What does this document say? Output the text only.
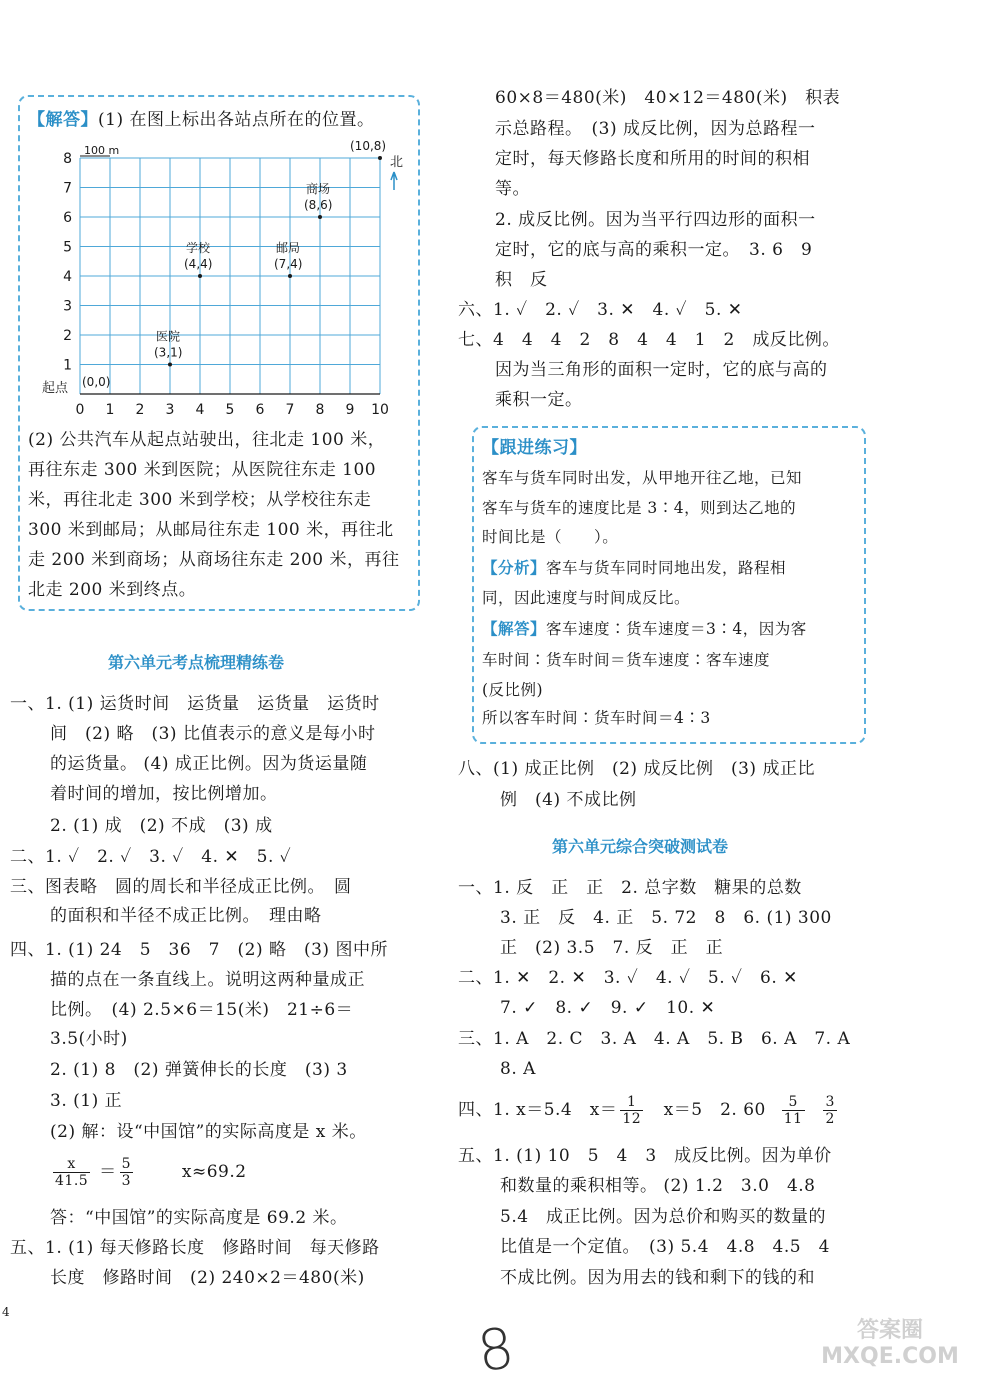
【解答】(1) 在图上标出各站点所在的位置。
0 1 2 3 4 5 6 7 8 9 10
1
2
3
4
5
6
7
8
100 m
北
起点 (0,0)
医院
(3,1)
学校
(4,4)
邮局
(7,4)
商场
(8,6)
(10,8)
(2) 公共汽车从起点站驶出，往北走 100 米，
再往东走 300 米到医院；从医院往东走 100
米，再往北走 300 米到学校；从学校往东走
300 米到邮局；从邮局往东走 100 米，再往北
走 200 米到商场；从商场往东走 200 米，再往
北走 200 米到终点。
第六单元考点梳理精练卷
一、1. (1) 运货时间　运货量　运货量　运货时
间　(2) 略　(3) 比值表示的意义是每小时
的运货量。 (4) 成正比例。因为货运量随
着时间的增加，按比例增加。
2. (1) 成　(2) 不成　(3) 成
二、1. ✓　2. ✓　3. ✓　4. ✕　5. ✓
三、图表略　圆的周长和半径成正比例。　圆
的面积和半径不成正比例。　理由略
四、1. (1) 24　5　36　7　(2) 略　(3) 图中所
描的点在一条直线上。说明这两种量成正
比例。　(4) 2.5×6＝15(米)　21÷6＝
3.5(小时)
2. (1) 8　(2) 弹簧伸长的长度　(3) 3
3. (1) 正
(2) 解：设“中国馆”的实际高度是 x 米。
$\frac{x}{41.5} = \frac{5}{3}$	x≈69.2
答：“中国馆”的实际高度是 69.2 米。
五、1. (1) 每天修路长度　修路时间　每天修路
长度　修路时间　(2) 240×2＝480(米)
4
60×8＝480(米)　40×12＝480(米)　积表
示总路程。　(3) 成反比例，因为总路程一
定时，每天修路长度和所用的时间的积相
等。
2. 成反比例。因为当平行四边形的面积一
定时，它的底与高的乘积一定。　3. 6　9
积　反
六、1. ✓　2. ✓　3. ✕　4. ✓　5. ✕
七、4　4　4　2　8　4　4　1　2　成反比例。
因为当三角形的面积一定时，它的底与高的
乘积一定。
【跟进练习】
客车与货车同时出发，从甲地开往乙地，已知
客车与货车的速度比是 3∶4，则到达乙地的
时间比是（　　）。
【分析】客车与货车同时同地出发，路程相
同，因此速度与时间成反比。
【解答】客车速度∶货车速度＝3∶4，因为客
车时间∶货车时间＝货车速度∶客车速度
(反比例)
所以客车时间∶货车时间＝4∶3
八、(1) 成正比例　(2) 成反比例　(3) 成正比
例　(4) 不成比例
第六单元综合突破测试卷
一、1. 反　正　正　2. 总字数　糖果的总数
3. 正　反　4. 正　5. 72　8　6. (1) 300
正　(2) 3.5　7. 反　正　正
二、1. ✕　2. ✕　3. ✓　4. ✓　5. ✓　6. ✕
7. ✓　8. ✓　9. ✓　10. ✕
三、1. A　2. C　3. A　4. A　5. B　6. A　7. A
8. A
四、1. x＝5.4　$x= \frac{1}{12}$ 　x＝5　2. $60 \frac{5}{11}$
$\frac{3}{2}$
五、1. (1) 10　5　4　3　成反比例。因为单价
和数量的乘积相等。 (2) 1.2　3.0　4.8
5.4　成正比例。因为总价和购买的数量的
比值是一个定值。　(3) 5.4　4.8　4.5　4
不成比例。因为用去的钱和剩下的钱的和
8	答案圈 MXQE.COM
